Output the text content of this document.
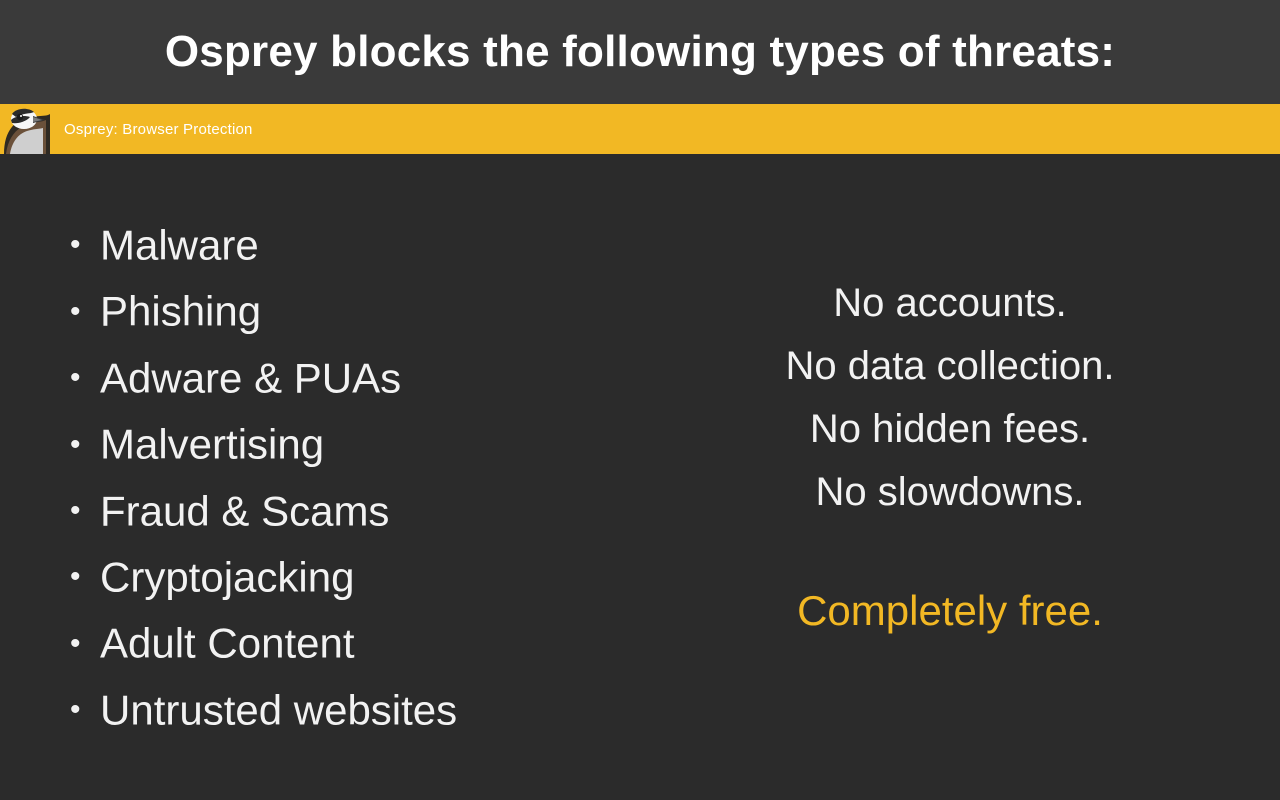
Osprey blocks the following types of threats:
Osprey: Browser Protection
• Malware
• Phishing
• Adware & PUAs
• Malvertising
• Fraud & Scams
• Cryptojacking
• Adult Content
• Untrusted websites
No accounts.
No data collection.
No hidden fees.
No slowdowns.
Completely free.
